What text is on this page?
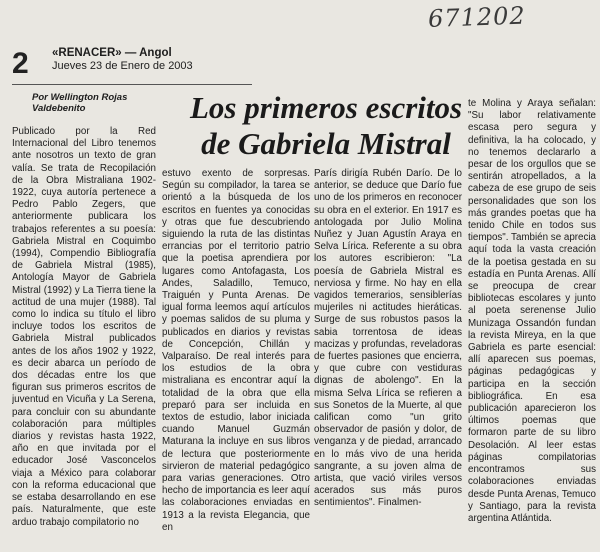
671202
2 «RENACER» — Angol
Jueves 23 de Enero de 2003
Por Wellington Rojas Valdebenito	Los primeros escritos de Gabriela Mistral

Publicado por la Red Internacional del Libro tenemos ante nosotros un texto de gran valía. Se trata de Recopilación de la Obra Mistraliana 1902-1922, cuya autoría pertenece a Pedro Pablo Zegers, que anteriormente publicara los trabajos referentes a su poesía: Gabriela Mistral en Coquimbo (1994), Compendio Bibliografía de Gabriela Mistral (1985), Antología Mayor de Gabriela Mistral (1992) y La Tierra tiene la actitud de una mujer (1988). Tal como lo indica su título el libro incluye todos los escritos de Gabriela Mistral publicados antes de los años 1902 y 1922, es decir abarca un período de dos décadas entre los que figuran sus primeros escritos de juventud en Vicuña y La Serena, para concluir con su abundante colaboración para múltiples diarios y revistas hasta 1922, año en que invitada por el educador José Vasconcelos viaja a México para colaborar con la reforma educacional que se estaba desarrollando en ese país. Naturalmente, que este arduo trabajo compilatorio no

estuvo exento de sorpresas. Según su compilador, la tarea se orientó a la búsqueda de los escritos en fuentes ya conocidas y otras que fue descubriendo siguiendo la ruta de las distintas errancias por el territorio patrio que la poetisa aprendiera por lugares como Antofagasta, Los Andes, Saladillo, Temuco, Traiguén y Punta Arenas. De igual forma leemos aquí artículos y poemas salidos de su pluma y publicados en diarios y revistas de Concepción, Chillán y Valparaíso. De real interés para los estudios de la obra mistraliana es encontrar aquí la totalidad de la obra que ella preparó para ser incluida en textos de estudio, labor iniciada cuando Manuel Guzmán Maturana la incluye en sus libros de lectura que posteriormente sirvieron de material pedagógico para varias generaciones. Otro hecho de importancia es leer aquí las colaboraciones enviadas en 1913 a la revista Elegancia, que en

París dirigía Rubén Darío. De lo anterior, se deduce que Darío fue uno de los primeros en reconocer su obra en el exterior. En 1917 es antologada por Julio Molina Nuñez y Juan Agustín Araya en Selva Lírica. Referente a su obra los autores escribieron: "La poesía de Gabriela Mistral es nerviosa y firme. No hay en ella vagidos temerarios, sensiblerías mujeriles ni actitudes hieráticas. Surge de sus robustos pasos la sabia torrentosa de ideas macizas y profundas, reveladoras de fuertes pasiones que encierra, y que cubre con vestiduras dignas de abolengo". En la misma Selva Lírica se refieren a sus Sonetos de la Muerte, al que califican como "un grito observador de pasión y dolor, de venganza y de piedad, arrancado en lo más vivo de una herida sangrante, a su joven alma de artista, que vació viriles versos acerados sus más puros sentimientos". Finalmen-

te Molina y Araya señalan: "Su labor relativamente escasa pero segura y definitiva, la ha colocado, y no tenemos declararlo a pesar de los orgullos que se sentirán atropellados, a la cabeza de ese grupo de seis personalidades que son los más grandes poetas que ha tenido Chile en todos sus tiempos". También se aprecia aquí toda la vasta creación de la poetisa gestada en su estadía en Punta Arenas. Allí se preocupa de crear bibliotecas escolares y junto al poeta serenense Julio Munizaga Ossandón fundan la revista Mireya, en la que Gabriela es parte esencial: allí aparecen sus poemas, páginas pedagógicas y participa en la sección bibliográfica. En esa publicación aparecieron los últimos poemas que formaron parte de su libro Desolación. Al leer estas páginas compilatorias encontramos sus colaboraciones enviadas desde Punta Arenas, Temuco y Santiago, para la revista argentina Atlántida.
